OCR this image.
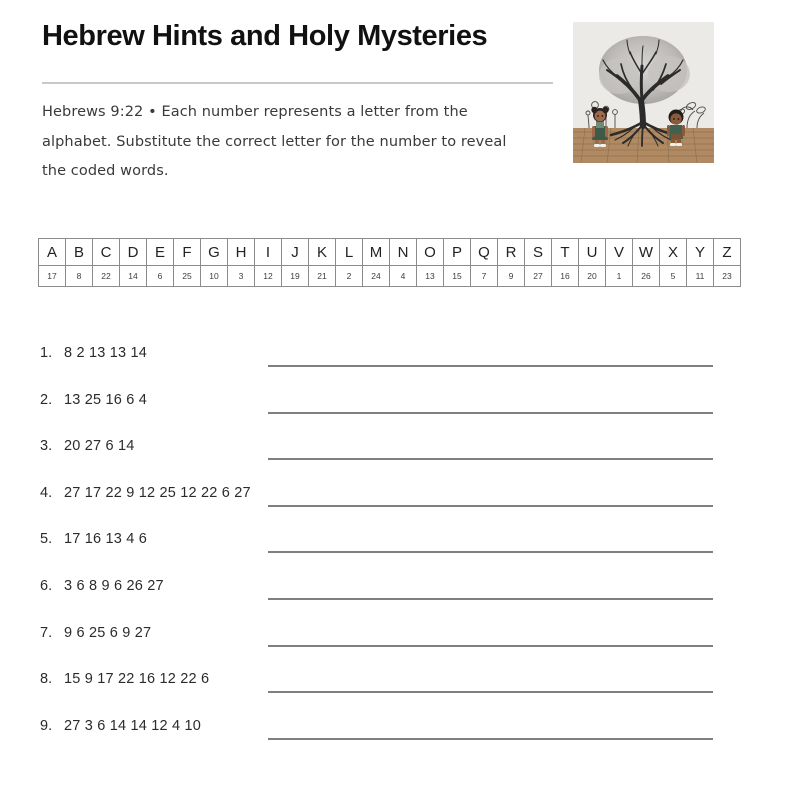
Hebrew Hints and Holy Mysteries
Hebrews 9:22 • Each number represents a letter from the alphabet. Substitute the correct letter for the number to reveal the coded words.
A	B	C	D	E	F	G	H	I	J	K	L	M	N	O	P	Q	R	S	T	U	V	W	X	Y	Z
17	8	22	14	6	25	10	3	12	19	21	2	24	4	13	15	7	9	27	16	20	1	26	5	11	23
1. 8 2 13 13 14
2. 13 25 16 6 4
3. 20 27 6 14
4. 27 17 22 9 12 25 12 22 6 27
5. 17 16 13 4 6
6. 3 6 8 9 6 26 27
7. 9 6 25 6 9 27
8. 15 9 17 22 16 12 22 6
9. 27 3 6 14 14 12 4 10
